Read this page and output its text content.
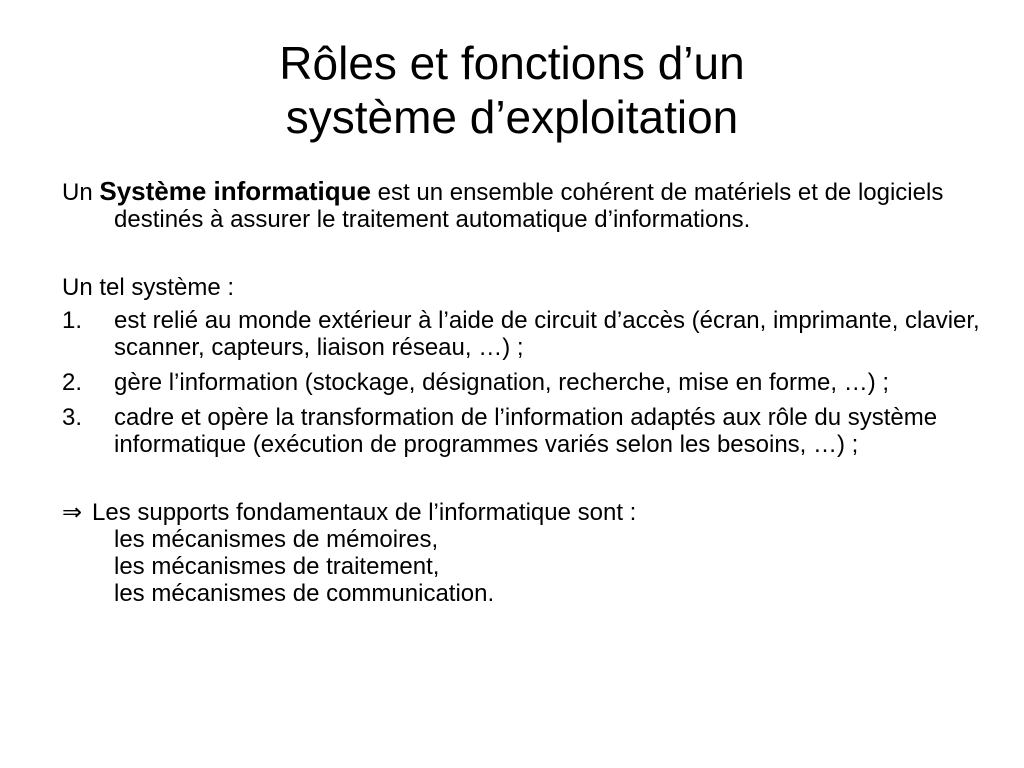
Rôles et fonctions d’un
système d’exploitation

Un Système informatique est un ensemble cohérent de matériels et de logiciels destinés à assurer le traitement automatique d’informations.

Un tel système :

1. est relié au monde extérieur à l’aide de circuit d’accès (écran, imprimante, clavier, scanner, capteurs, liaison réseau, …) ;

2. gère l’information (stockage, désignation, recherche, mise en forme, …) ;

3. cadre et opère la transformation de l’information adaptés aux rôle du système informatique (exécution de programmes variés selon les besoins, …) ;

⇒ Les supports fondamentaux de l’informatique sont :

les mécanismes de mémoires,

les mécanismes de traitement,

les mécanismes de communication.
